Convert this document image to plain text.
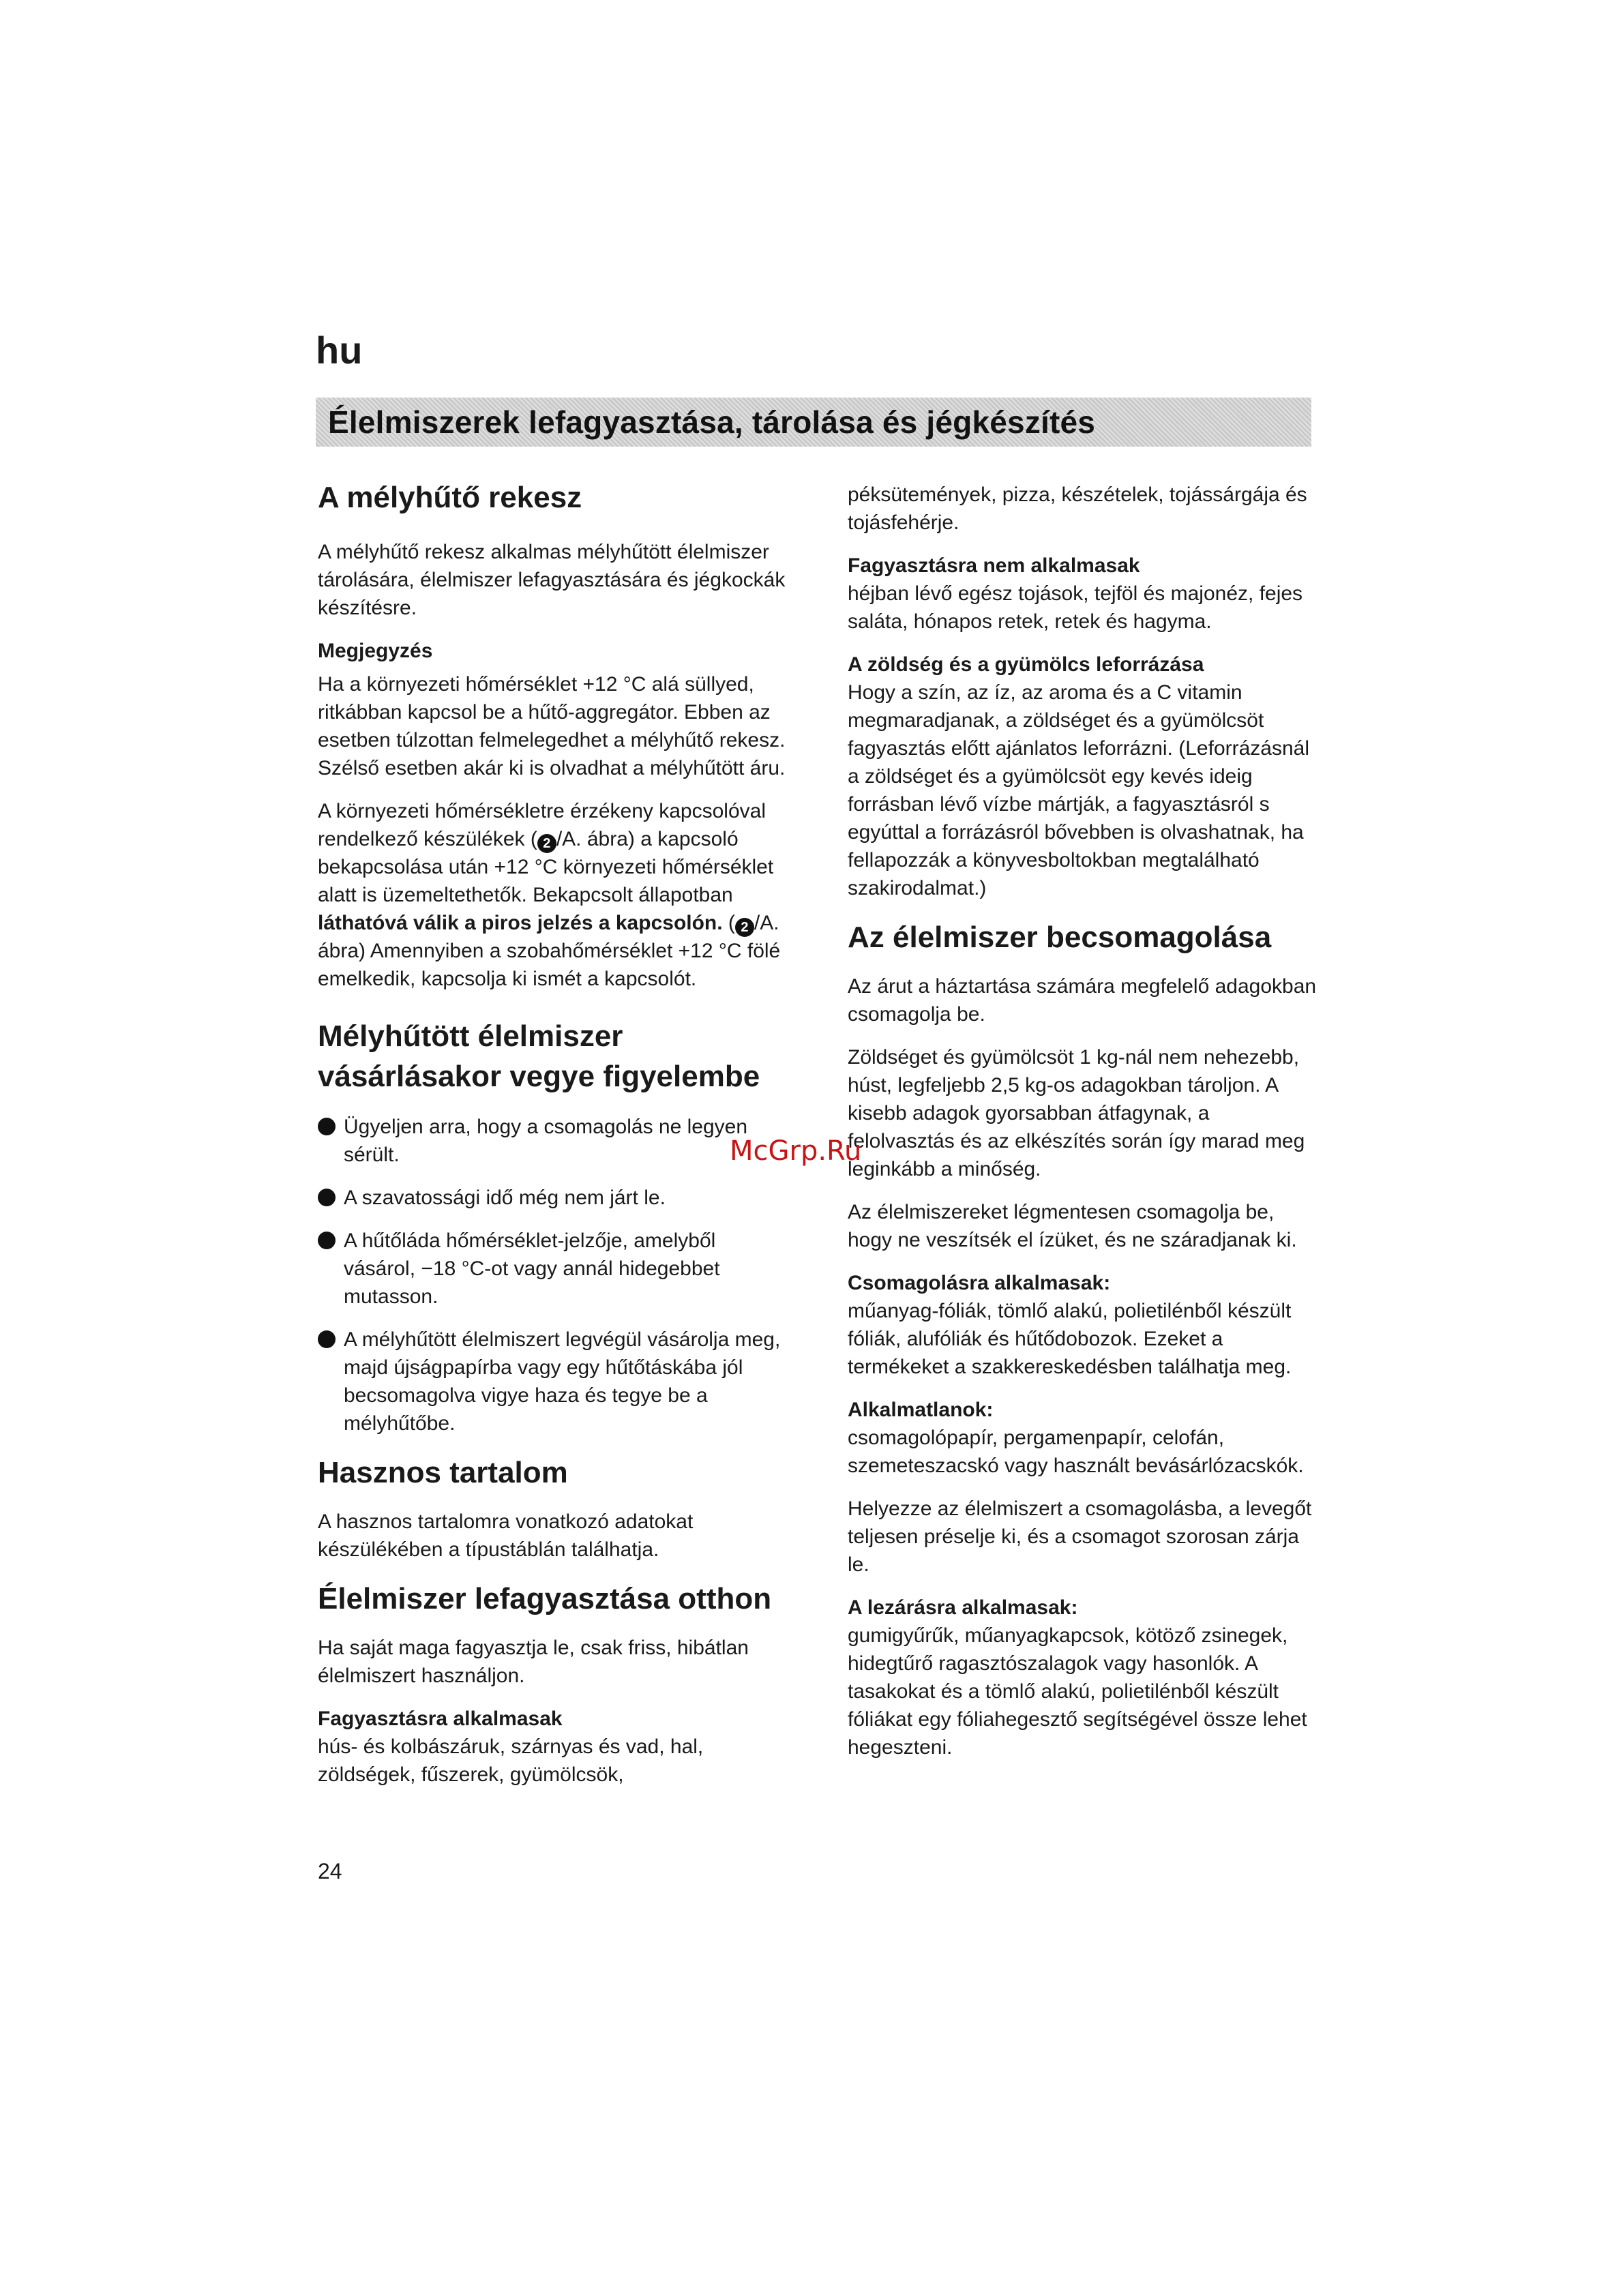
hu

Élelmiszerek lefagyasztása, tárolása és jégkészítés
A mélyhűtő rekesz

A mélyhűtő rekesz alkalmas mélyhűtött élelmiszer tárolására, élelmiszer lefagyasztására és jégkockák készítésre.

Megjegyzés

Ha a környezeti hőmérséklet +12 °C alá süllyed, ritkábban kapcsol be a hűtő-aggregátor. Ebben az esetben túlzottan felmelegedhet a mélyhűtő rekesz. Szélső esetben akár ki is olvadhat a mélyhűtött áru.

A környezeti hőmérsékletre érzékeny kapcsolóval rendelkező készülékek ( 2 /A. ábra) a kapcsoló bekapcsolása után +12 °C környezeti hőmérséklet alatt is üzemeltethetők. Bekapcsolt állapotban láthatóvá válik a piros jelzés a kapcsolón. ( 2 /A. ábra) Amennyiben a szobahőmérséklet +12 °C fölé emelkedik, kapcsolja ki ismét a kapcsolót.

Mélyhűtött élelmiszer vásárlásakor vegye figyelembe
Ügyeljen arra, hogy a csomagolás ne legyen sérült.
A szavatossági idő még nem járt le.
A hűtőláda hőmérséklet-jelzője, amelyből vásárol, −18 °C-ot vagy annál hidegebbet mutasson.
A mélyhűtött élelmiszert legvégül vásárolja meg, majd újságpapírba vagy egy hűtőtáskába jól becsomagolva vigye haza és tegye be a mélyhűtőbe.
Hasznos tartalom

A hasznos tartalomra vonatkozó adatokat készülékében a típustáblán találhatja.

Élelmiszer lefagyasztása otthon

Ha saját maga fagyasztja le, csak friss, hibátlan élelmiszert használjon.

Fagyasztásra alkalmasak

hús- és kolbászáruk, szárnyas és vad, hal, zöldségek, fűszerek, gyümölcsök,

péksütemények, pizza, készételek, tojássárgája és tojásfehérje.

Fagyasztásra nem alkalmasak

héjban lévő egész tojások, tejföl és majonéz, fejes saláta, hónapos retek, retek és hagyma.

A zöldség és a gyümölcs leforrázása

Hogy a szín, az íz, az aroma és a C vitamin megmaradjanak, a zöldséget és a gyümölcsöt fagyasztás előtt ajánlatos leforrázni. (Leforrázásnál a zöldséget és a gyümölcsöt egy kevés ideig forrásban lévő vízbe mártják, a fagyasztásról s egyúttal a forrázásról bővebben is olvashatnak, ha fellapozzák a könyvesboltokban megtalálható szakirodalmat.)

Az élelmiszer becsomagolása

Az árut a háztartása számára megfelelő adagokban csomagolja be.

Zöldséget és gyümölcsöt 1 kg-nál nem nehezebb, húst, legfeljebb 2,5 kg-os adagokban tároljon. A kisebb adagok gyorsabban átfagynak, a felolvasztás és az elkészítés során így marad meg leginkább a minőség.

Az élelmiszereket légmentesen csomagolja be, hogy ne veszítsék el ízüket, és ne száradjanak ki.

Csomagolásra alkalmasak:

műanyag-fóliák, tömlő alakú, polietilénből készült fóliák, alufóliák és hűtődobozok. Ezeket a termékeket a szakkereskedésben találhatja meg.

Alkalmatlanok:

csomagolópapír, pergamenpapír, celofán, szemeteszacskó vagy használt bevásárlózacskók.

Helyezze az élelmiszert a csomagolásba, a levegőt teljesen préselje ki, és a csomagot szorosan zárja le.

A lezárásra alkalmasak:

gumigyűrűk, műanyagkapcsok, kötöző zsinegek, hidegtűrő ragasztószalagok vagy hasonlók. A tasakokat és a tömlő alakú, polietilénből készült fóliákat egy fóliahegesztő segítségével össze lehet hegeszteni.

McGrp.Ru

24
